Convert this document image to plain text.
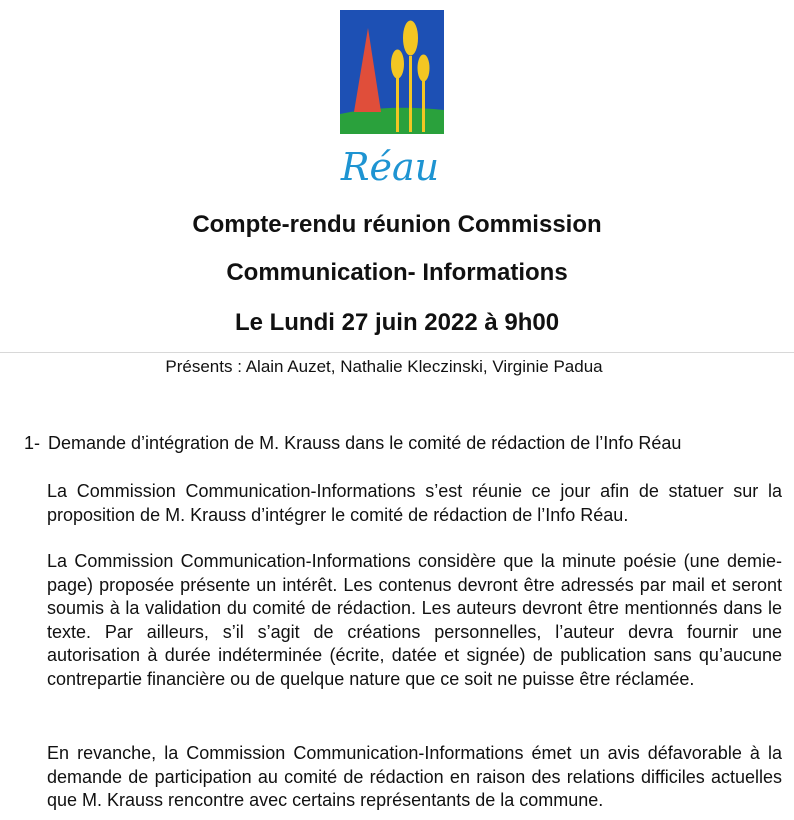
Réau
Compte-rendu réunion Commission
Communication- Informations
Le Lundi 27 juin 2022 à 9h00
Présents : Alain Auzet, Nathalie Kleczinski, Virginie Padua
1- Demande d’intégration de M. Krauss dans le comité de rédaction de l’Info Réau

La Commission Communication-Informations s’est réunie ce jour afin de statuer sur la proposition de M. Krauss d’intégrer le comité de rédaction de l’Info Réau.

La Commission Communication-Informations considère que la minute poésie (une demie-page) proposée présente un intérêt. Les contenus devront être adressés par mail et seront soumis à la validation du comité de rédaction. Les auteurs devront être mentionnés dans le texte. Par ailleurs, s’il s’agit de créations personnelles, l’auteur devra fournir une autorisation à durée indéterminée (écrite, datée et signée) de publication sans qu’aucune contrepartie financière ou de quelque nature que ce soit ne puisse être réclamée.

En revanche, la Commission Communication-Informations émet un avis défavorable à la demande de participation au comité de rédaction en raison des relations difficiles actuelles que M. Krauss rencontre avec certains représentants de la commune.
